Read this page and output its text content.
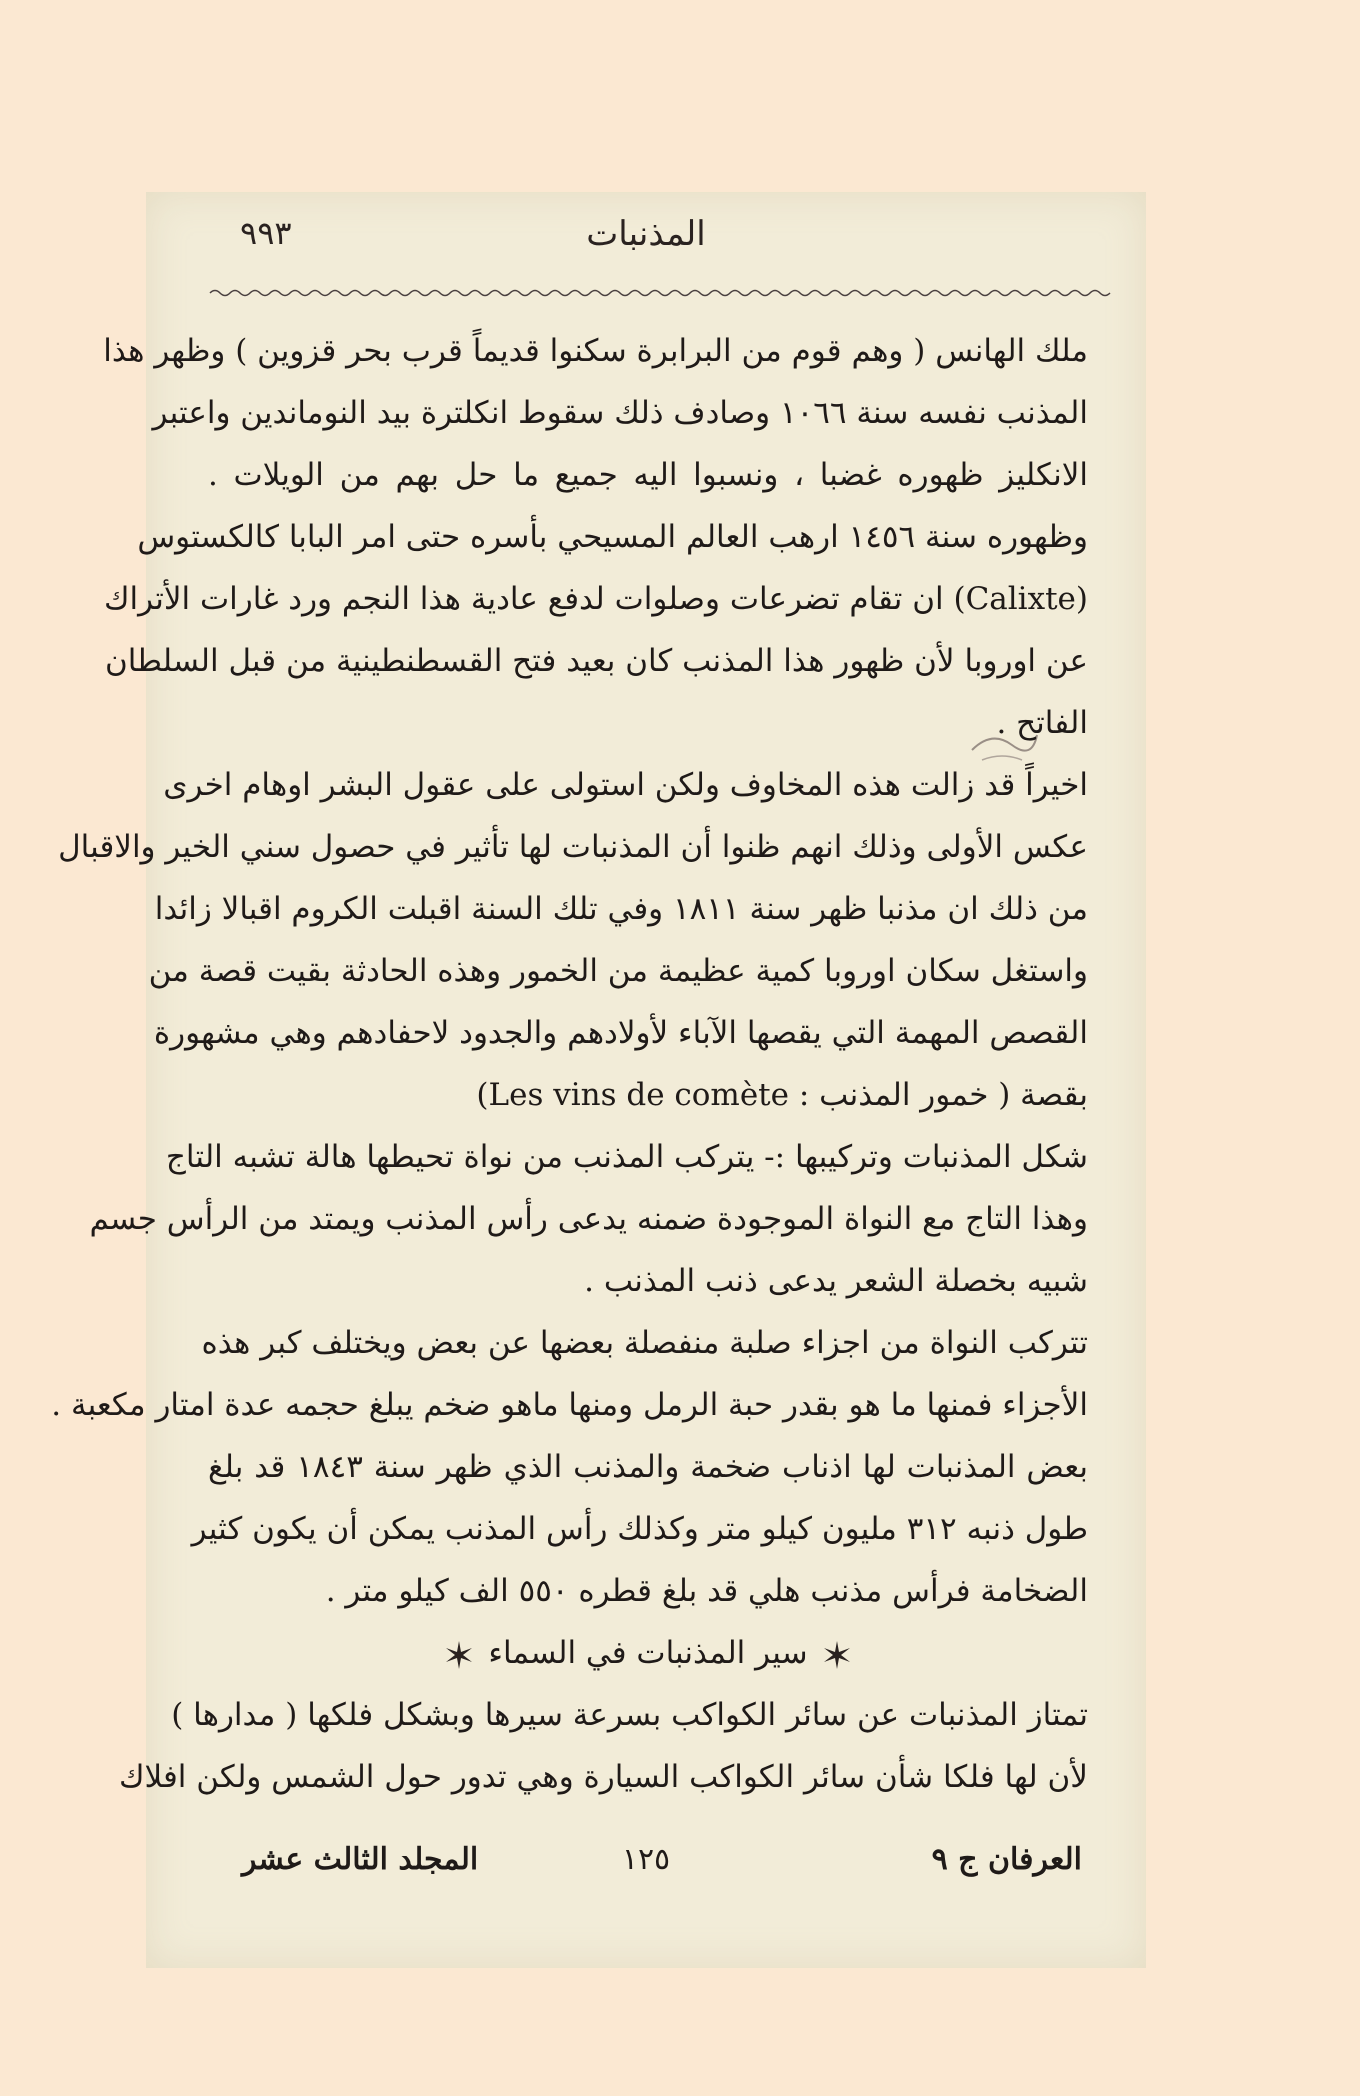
٩٩٣	المذنبات
ملك الهانس ( وهم قوم من البرابرة سكنوا قديماً قرب بحر قزوين ) وظهر هذا
المذنب نفسه سنة ١٠٦٦ وصادف ذلك سقوط انكلترة بيد النوماندين واعتبر
الانكليز ظهوره غضبا ، ونسبوا اليه جميع ما حل بهم من الويلات .
وظهوره سنة ١٤٥٦ ارهب العالم المسيحي بأسره حتى امر البابا كالكستوس
(Calixte) ان تقام تضرعات وصلوات لدفع عادية هذا النجم ورد غارات الأتراك
عن اوروبا لأن ظهور هذا المذنب كان بعيد فتح القسطنطينية من قبل السلطان
الفاتح .
اخيراً قد زالت هذه المخاوف ولكن استولى على عقول البشر اوهام اخرى
عكس الأولى وذلك انهم ظنوا أن المذنبات لها تأثير في حصول سني الخير والاقبال
من ذلك ان مذنبا ظهر سنة ١٨١١ وفي تلك السنة اقبلت الكروم اقبالا زائدا
واستغل سكان اوروبا كمية عظيمة من الخمور وهذه الحادثة بقيت قصة من
القصص المهمة التي يقصها الآباء لأولادهم والجدود لاحفادهم وهي مشهورة
بقصة ( خمور المذنب : Les vins de comète)
شكل المذنبات وتركيبها :- يتركب المذنب من نواة تحيطها هالة تشبه التاج
وهذا التاج مع النواة الموجودة ضمنه يدعى رأس المذنب ويمتد من الرأس جسم
شبيه بخصلة الشعر يدعى ذنب المذنب .
تتركب النواة من اجزاء صلبة منفصلة بعضها عن بعض ويختلف كبر هذه
الأجزاء فمنها ما هو بقدر حبة الرمل ومنها ماهو ضخم يبلغ حجمه عدة امتار مكعبة .
بعض المذنبات لها اذناب ضخمة والمذنب الذي ظهر سنة ١٨٤٣ قد بلغ
طول ذنبه ٣١٢ مليون كيلو متر وكذلك رأس المذنب يمكن أن يكون كثير
الضخامة فرأس مذنب هلي قد بلغ قطره ٥٥٠ الف كيلو متر .
سير المذنبات في السماء
تمتاز المذنبات عن سائر الكواكب بسرعة سيرها وبشكل فلكها ( مدارها )
لأن لها فلكا شأن سائر الكواكب السيارة وهي تدور حول الشمس ولكن افلاك
المجلد الثالث عشر	١٢٥	العرفان ج ٩
